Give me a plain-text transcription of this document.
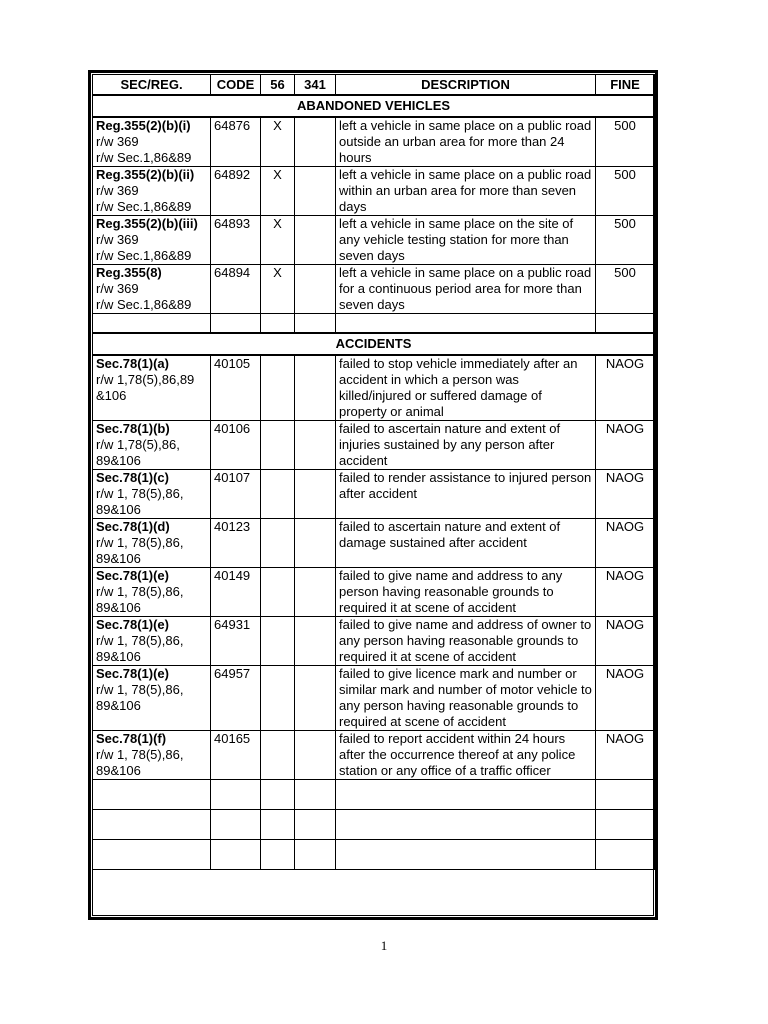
SEC/REG.	CODE	56	341	DESCRIPTION	FINE
ABANDONED VEHICLES					

Reg.355(2)(b)(i)
r/w 369
r/w Sec.1,86&89	64876	X		left a vehicle in same place on a public road outside an urban area for more than 24 hours	500

Reg.355(2)(b)(ii)
r/w 369
r/w Sec.1,86&89	64892	X		left a vehicle in same place on a public road within an urban area for more than seven days	500

Reg.355(2)(b)(iii)
r/w 369
r/w Sec.1,86&89	64893	X		left a vehicle in same place on the site of any vehicle testing station for more than seven days	500

Reg.355(8)
r/w 369
r/w Sec.1,86&89	64894	X		left a vehicle in same place on a public road for a continuous period area for more than seven days	500

ACCIDENTS					

Sec.78(1)(a)
r/w 1,78(5),86,89
&106	40105			failed to stop vehicle immediately after an accident in which a person was killed/injured or suffered damage of property or animal	NAOG

Sec.78(1)(b)
r/w 1,78(5),86,
89&106	40106			failed to ascertain nature and extent of injuries sustained by any person after accident	NAOG

Sec.78(1)(c)
r/w 1, 78(5),86,
89&106	40107			failed to render assistance to injured person after accident	NAOG

Sec.78(1)(d)
r/w 1, 78(5),86,
89&106	40123			failed to ascertain nature and extent of damage sustained after accident	NAOG

Sec.78(1)(e)
r/w 1, 78(5),86,
89&106	40149			failed to give name and address to any person having reasonable grounds to required it at scene of accident	NAOG

Sec.78(1)(e)
r/w 1, 78(5),86,
89&106	64931			failed to give name and address of owner to any person having reasonable grounds to required it at scene of accident	NAOG

Sec.78(1)(e)
r/w 1, 78(5),86,
89&106	64957			failed to give licence mark and number or similar mark and number of motor vehicle to any person having reasonable grounds to required at scene of accident	NAOG

Sec.78(1)(f)
r/w 1, 78(5),86,
89&106	40165			failed to report accident within 24 hours after the occurrence thereof at any police station or any office of a traffic officer	NAOG

1
